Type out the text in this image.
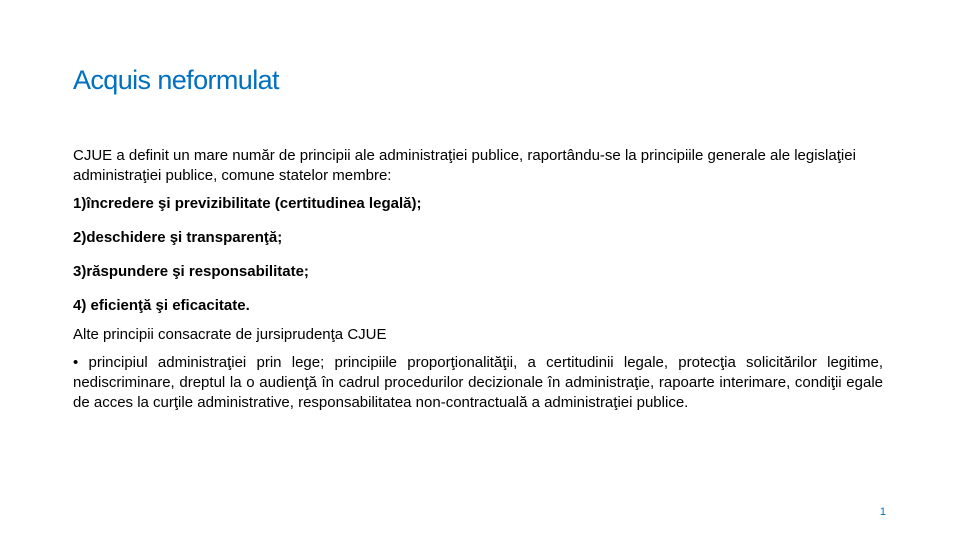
Acquis neformulat

CJUE a definit un mare număr de principii ale administraţiei publice, raportându-se la principiile generale ale legislaţiei administraţiei publice, comune statelor membre:

1)încredere şi previzibilitate (certitudinea legală);

2)deschidere şi transparenţă;

3)răspundere şi responsabilitate;

4) eficienţă şi eficacitate.

Alte principii consacrate de jursiprudenţa CJUE

• principiul administraţiei prin lege; principiile proporţionalităţii, a certitudinii legale, protecţia solicitărilor legitime, nediscriminare, dreptul la o audienţă în cadrul procedurilor decizionale în administraţie, rapoarte interimare, condiţii egale de acces la curţile administrative, responsabilitatea non-contractuală a administraţiei publice.

1
